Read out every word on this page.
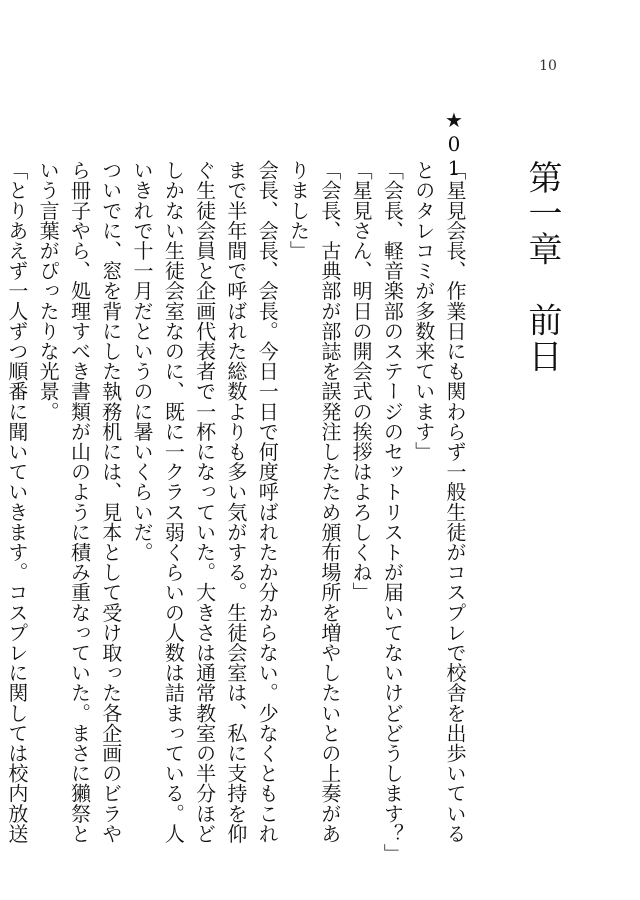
10
第一章　前日
★01

「星見会長、作業日にも関わらず一般生徒がコスプレで校舎を出歩いているとのタレコミが多数来ています」

「会長、軽音楽部のステージのセットリストが届いてないけどどうします？」

「星見さん、明日の開会式の挨拶はよろしくね」

「会長、古典部が部誌を誤発注したため頒布場所を増やしたいとの上奏がありました」

会長、会長、会長。今日一日で何度呼ばれたか分からない。少なくともこれまで半年間で呼ばれた総数よりも多い気がする。生徒会室は、私に支持を仰ぐ生徒会員と企画代表者で一杯になっていた。大きさは通常教室の半分ほどしかない生徒会室なのに、既に一クラス弱くらいの人数は詰まっている。人いきれで十一月だというのに暑いくらいだ。

ついでに、窓を背にした執務机には、見本として受け取った各企画のビラやら冊子やら、処理すべき書類が山のように積み重なっていた。まさに獺祭という言葉がぴったりな光景。

「とりあえず一人ずつ順番に聞いていきます。コスプレに関しては校内放送
